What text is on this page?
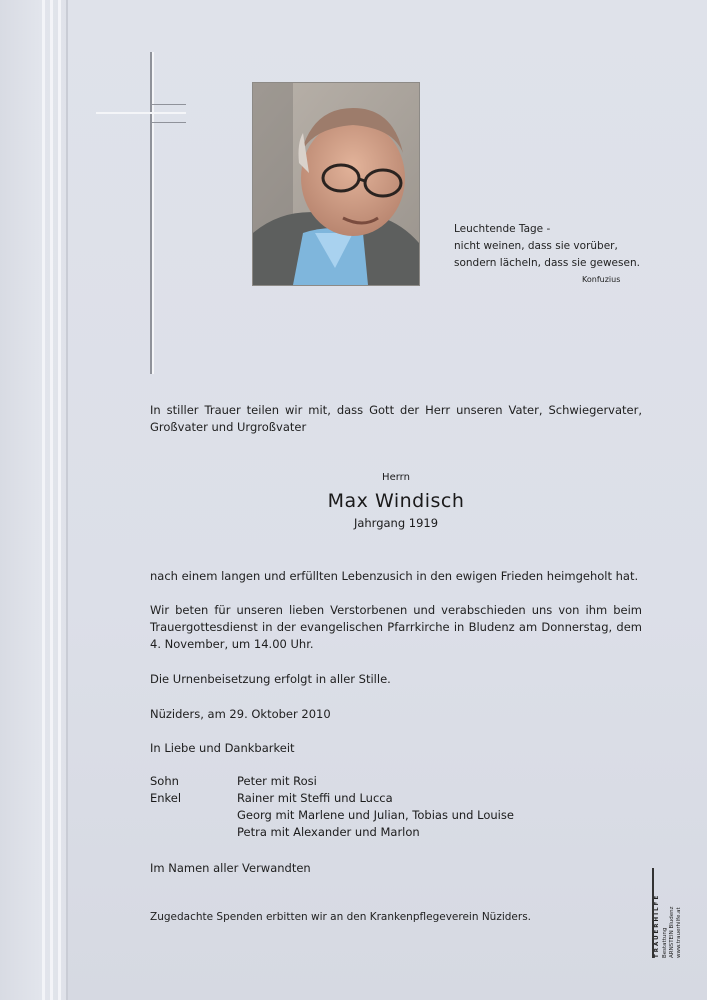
Leuchtende Tage -
nicht weinen, dass sie vorüber,
sondern lächeln, dass sie gewesen.
Konfuzius
In stiller Trauer teilen wir mit, dass Gott der Herr unseren Vater, Schwiegervater, Großvater und Urgroßvater
Herrn
Max Windisch
Jahrgang 1919
nach einem langen und erfüllten Lebenzusich in den ewigen Frieden heimgeholt hat.
Wir beten für unseren lieben Verstorbenen und verabschieden uns von ihm beim Trauergottesdienst in der evangelischen Pfarrkirche in Bludenz am Donnerstag, dem 4. November, um 14.00 Uhr.
Die Urnenbeisetzung erfolgt in aller Stille.
Nüziders, am 29. Oktober 2010
In Liebe und Dankbarkeit
Sohn	Peter mit Rosi
Enkel	Rainer mit Steffi und Lucca
Georg mit Marlene und Julian, Tobias und Louise
Petra mit Alexander und Marlon
Im Namen aller Verwandten
Zugedachte Spenden erbitten wir an den Krankenpflegeverein Nüziders.	TRAUERHILFE Bestattung ARNSTEIN Bludenz www.trauerhilfe.at
